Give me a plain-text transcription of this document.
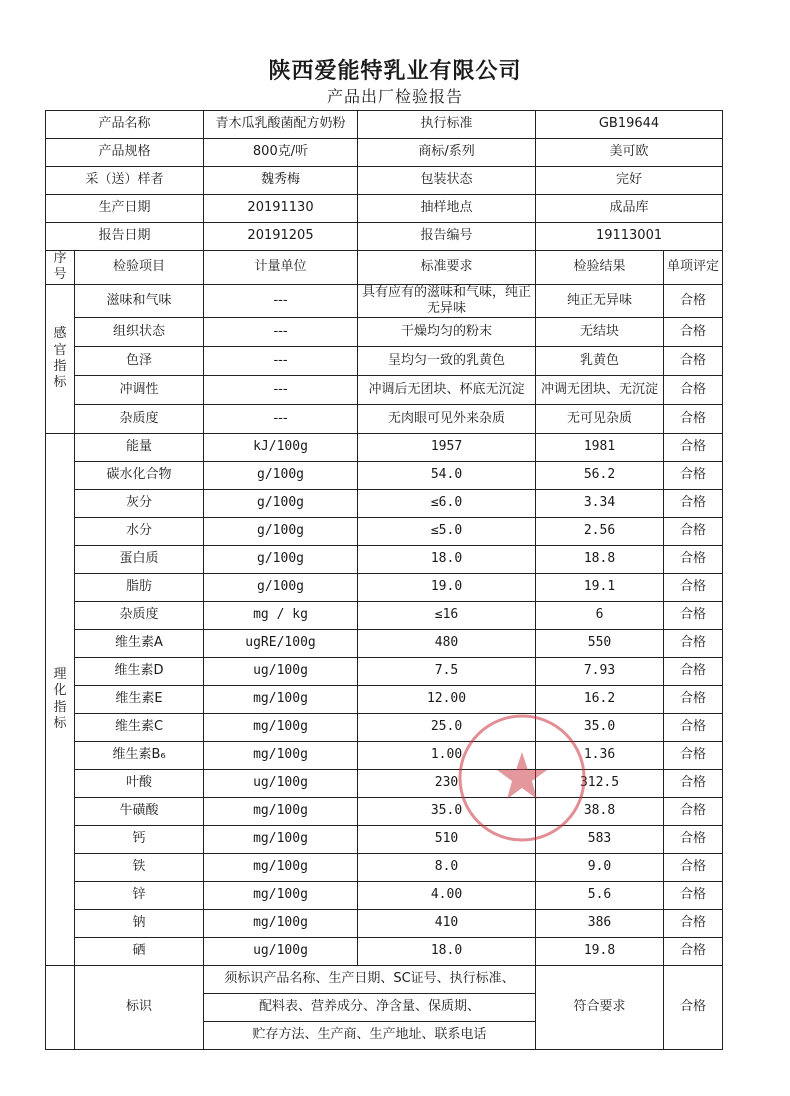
陕西爱能特乳业有限公司
产品出厂检验报告
产品名称		青木瓜乳酸菌配方奶粉	执行标准	GB19644	
产品规格		800克/听	商标/系列	美可欧	
采（送）样者		魏秀梅	包装状态	完好	
生产日期		20191130	抽样地点	成品库	
报告日期		20191205	报告编号	19113001	
序号	检验项目	计量单位	标准要求	检验结果	单项评定
感
官
指
标	滋味和气味	---	具有应有的滋味和气味，纯正无异味	纯正无异味	合格
	组织状态	---	干燥均匀的粉末	无结块	合格
	色泽	---	呈均匀一致的乳黄色	乳黄色	合格
	冲调性	---	冲调后无团块、杯底无沉淀	冲调无团块、无沉淀	合格
	杂质度	---	无肉眼可见外来杂质	无可见杂质	合格
理
化
指
标	能量	kJ/100g	1957	1981	合格
	碳水化合物	g/100g	54.0	56.2	合格
	灰分	g/100g	≤6.0	3.34	合格
	水分	g/100g	≤5.0	2.56	合格
	蛋白质	g/100g	18.0	18.8	合格
	脂肪	g/100g	19.0	19.1	合格
	杂质度	mg / kg	≤16	6	合格
	维生素A	ugRE/100g	480	550	合格
	维生素D	ug/100g	7.5	7.93	合格
	维生素E	mg/100g	12.00	16.2	合格
	维生素C	mg/100g	25.0	35.0	合格
	维生素B₆	mg/100g	1.00	1.36	合格
	叶酸	ug/100g	230	312.5	合格
	牛磺酸	mg/100g	35.0	38.8	合格
	钙	mg/100g	510	583	合格
	铁	mg/100g	8.0	9.0	合格
	锌	mg/100g	4.00	5.6	合格
	钠	mg/100g	410	386	合格
	硒	ug/100g	18.0	19.8	合格
	标识	须标识产品名称、生产日期、SC证号、执行标准、		符合要求	合格
		配料表、营养成分、净含量、保质期、			
		贮存方法、生产商、生产地址、联系电话			
